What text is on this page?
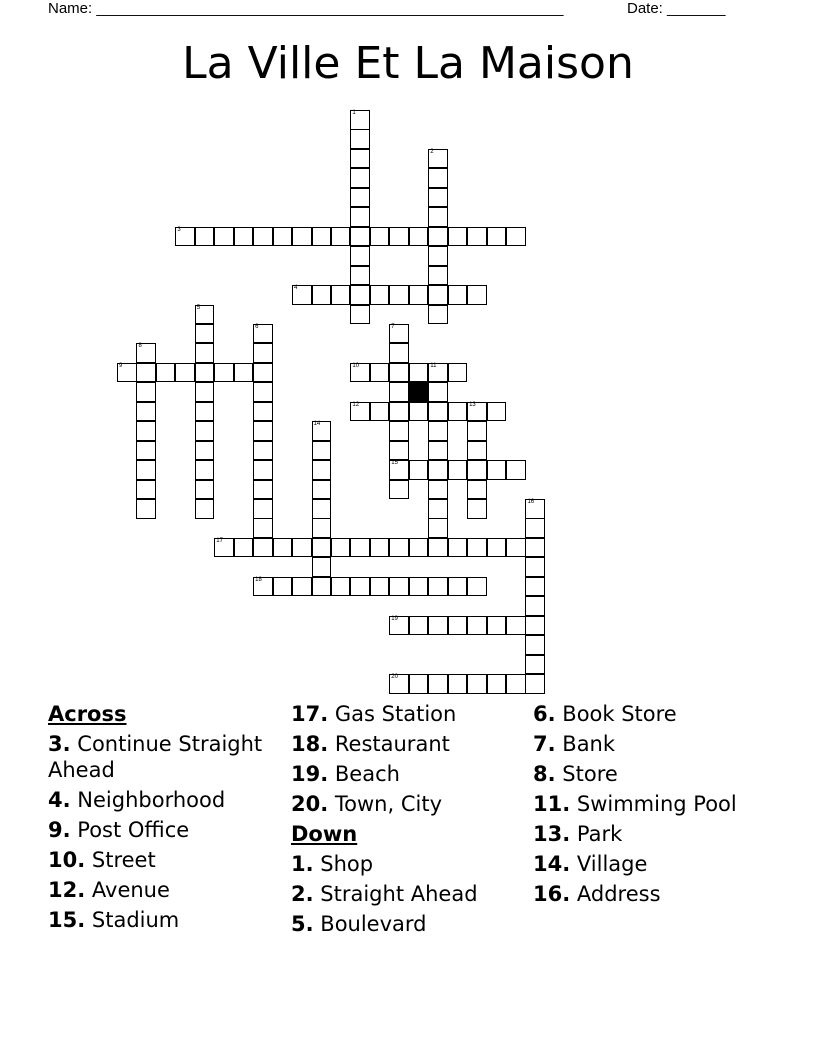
Name: ________________________________________________________	Date: _______
La Ville Et La Maison
3
4
9	10	11
12	13
15
17
18
19
20
1
2
5
6	7
8
14
16
Across
3. Continue Straight Ahead
4. Neighborhood
9. Post Office
10. Street
12. Avenue
15. Stadium
17. Gas Station
18. Restaurant
19. Beach
20. Town, City
Down
1. Shop
2. Straight Ahead
5. Boulevard
6. Book Store
7. Bank
8. Store
11. Swimming Pool
13. Park
14. Village
16. Address
